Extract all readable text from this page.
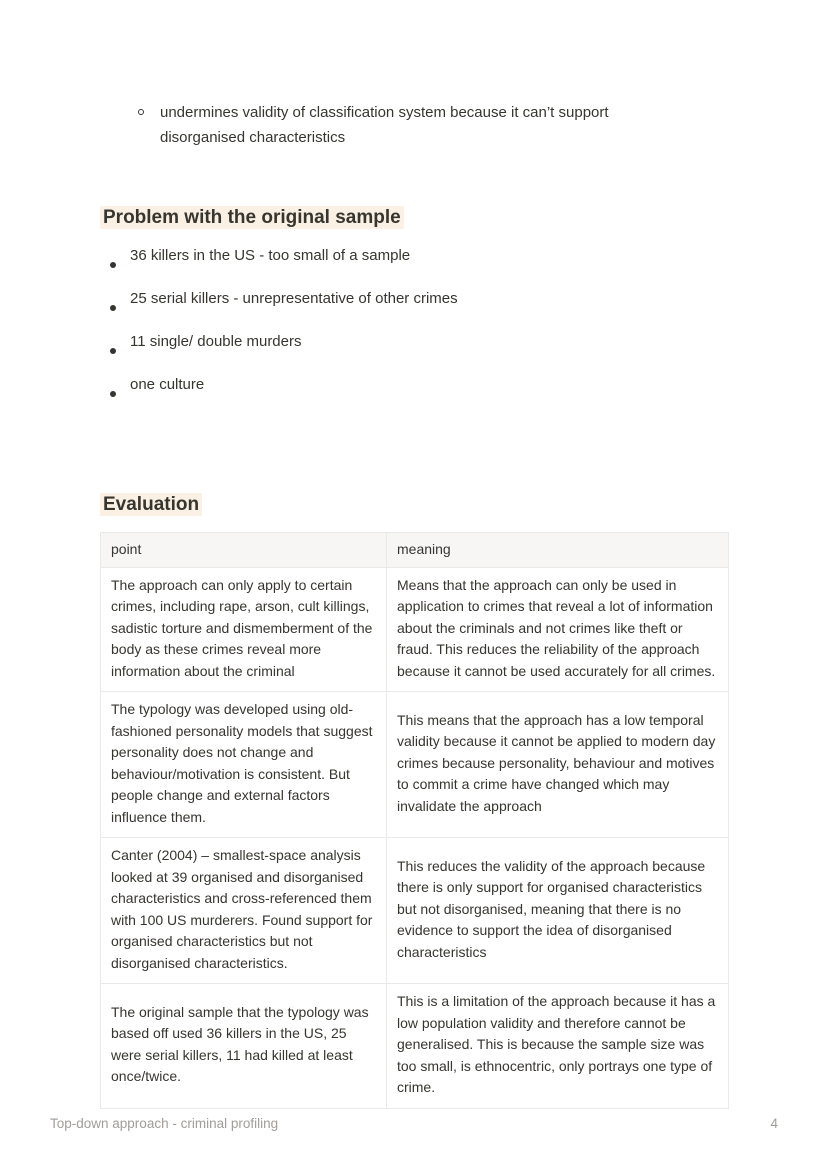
undermines validity of classification system because it can’t support disorganised characteristics
Problem with the original sample
36 killers in the US - too small of a sample
25 serial killers - unrepresentative of other crimes
11 single/ double murders
one culture
Evaluation
point	meaning
The approach can only apply to certain crimes, including rape, arson, cult killings, sadistic torture and dismemberment of the body as these crimes reveal more information about the criminal	Means that the approach can only be used in application to crimes that reveal a lot of information about the criminals and not crimes like theft or fraud. This reduces the reliability of the approach because it cannot be used accurately for all crimes.
The typology was developed using old-fashioned personality models that suggest personality does not change and behaviour/motivation is consistent. But people change and external factors influence them.	This means that the approach has a low temporal validity because it cannot be applied to modern day crimes because personality, behaviour and motives to commit a crime have changed which may invalidate the approach
Canter (2004) – smallest-space analysis looked at 39 organised and disorganised characteristics and cross-referenced them with 100 US murderers. Found support for organised characteristics but not disorganised characteristics.	This reduces the validity of the approach because there is only support for organised characteristics but not disorganised, meaning that there is no evidence to support the idea of disorganised characteristics
The original sample that the typology was based off used 36 killers in the US, 25 were serial killers, 11 had killed at least once/twice.	This is a limitation of the approach because it has a low population validity and therefore cannot be generalised. This is because the sample size was too small, is ethnocentric, only portrays one type of crime.
Top-down approach - criminal profiling	4
